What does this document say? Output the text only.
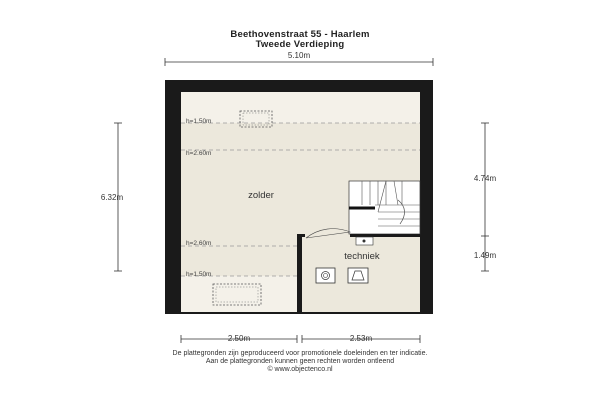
Beethovenstraat 55 - Haarlem
Tweede Verdieping
5.10m
h=1.50m
h=2.60m
h=2.60m
h=1.50m
zolder
techniek
6.32m
4.74m
1.49m
2.50m	2.53m
De plattegronden zijn geproduceerd voor promotionele doeleinden en ter indicatie.
Aan de plattegronden kunnen geen rechten worden ontleend
© www.objectenco.nl
